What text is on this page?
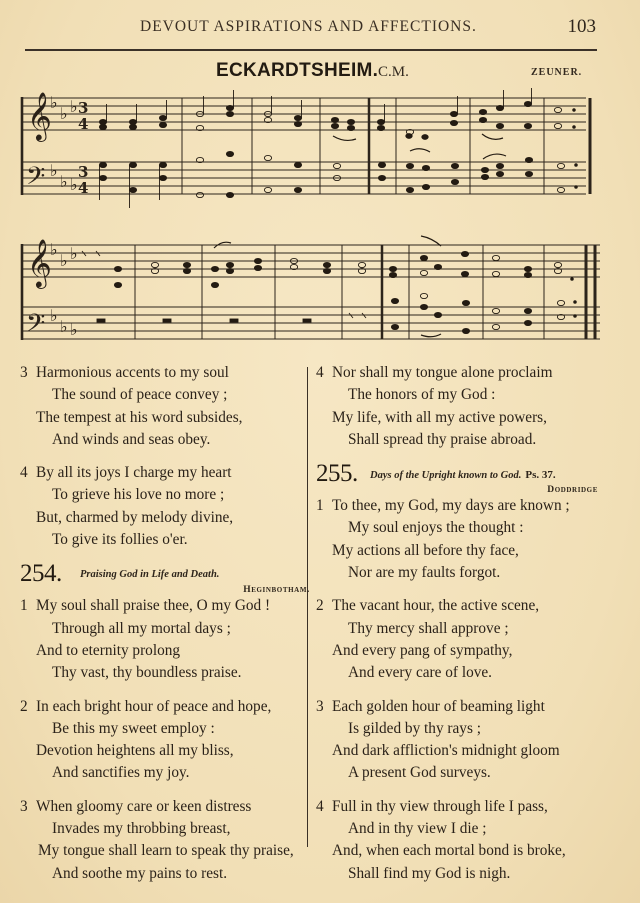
DEVOUT ASPIRATIONS AND AFFECTIONS.	103
ECKARDTSHEIM. C.M.	ZEUNER.
𝄞
𝄢
♭
♭ ♭
♭
♭ ♭
3
4
3
4
𝄞
𝄢
♭
♭ ♭
♭
♭ ♭
3 Harmonious accents to my soul
The sound of peace convey ;
The tempest at his word subsides,
And winds and seas obey.
4 By all its joys I charge my heart
To grieve his love no more ;
But, charmed by melody divine,
To give its follies o'er.
254. Praising God in Life and Death.
Heginbotham.
1 My soul shall praise thee, O my God !
Through all my mortal days ;
And to eternity prolong
Thy vast, thy boundless praise.
2 In each bright hour of peace and hope,
Be this my sweet employ :
Devotion heightens all my bliss,
And sanctifies my joy.
3 When gloomy care or keen distress
Invades my throbbing breast,
My tongue shall learn to speak thy praise,
And soothe my pains to rest.
4 Nor shall my tongue alone proclaim
The honors of my God :
My life, with all my active powers,
Shall spread thy praise abroad.
255. Days of the Upright known to God. Ps. 37.
Doddridge
1 To thee, my God, my days are known ;
My soul enjoys the thought :
My actions all before thy face,
Nor are my faults forgot.
2 The vacant hour, the active scene,
Thy mercy shall approve ;
And every pang of sympathy,
And every care of love.
3 Each golden hour of beaming light
Is gilded by thy rays ;
And dark affliction's midnight gloom
A present God surveys.
4 Full in thy view through life I pass,
And in thy view I die ;
And, when each mortal bond is broke,
Shall find my God is nigh.
